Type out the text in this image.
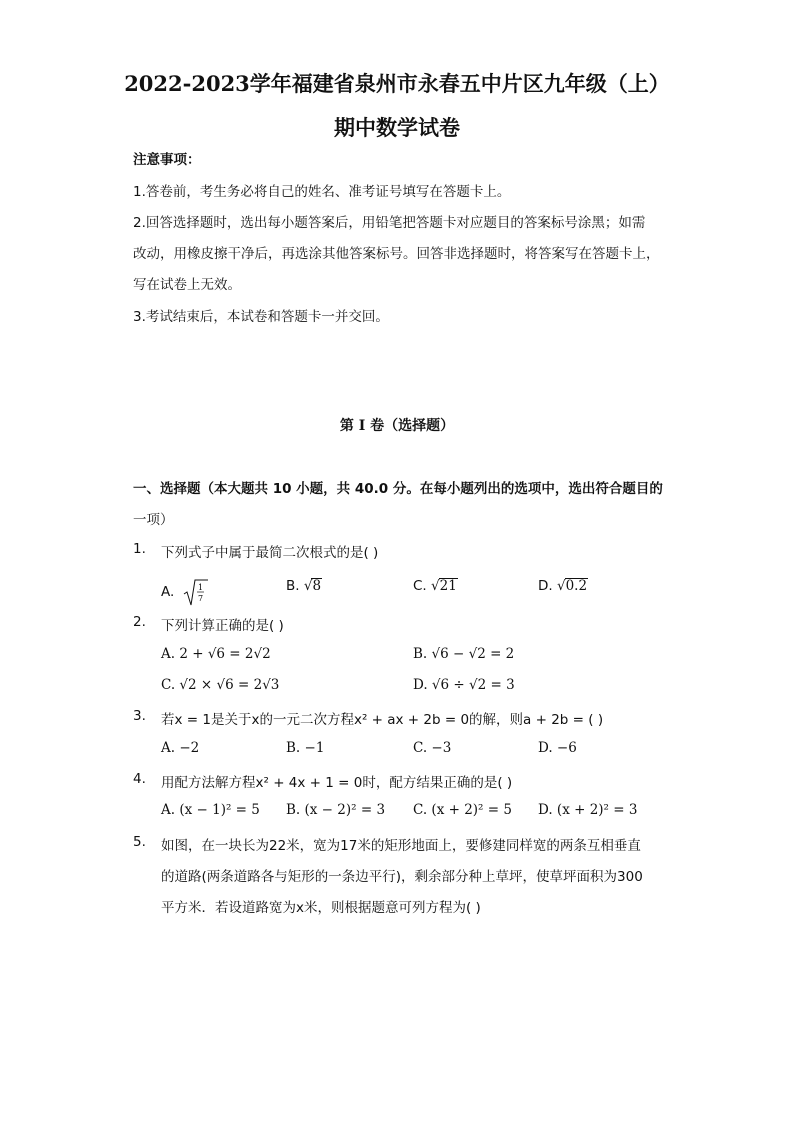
2022-2023学年福建省泉州市永春五中片区九年级（上）
期中数学试卷
注意事项：
1.答卷前，考生务必将自己的姓名、准考证号填写在答题卡上。
2.回答选择题时，选出每小题答案后，用铅笔把答题卡对应题目的答案标号涂黑；如需
改动，用橡皮擦干净后，再选涂其他答案标号。回答非选择题时，将答案写在答题卡上，
写在试卷上无效。
3.考试结束后，本试卷和答题卡一并交回。
第 I 卷（选择题）
一、选择题（本大题共 10 小题，共 40.0 分。在每小题列出的选项中，选出符合题目的
一项）
1. 下列式子中属于最简二次根式的是( )
A.	1
7
B. √8	C. √21	D. √0.2
2. 下列计算正确的是( )
A. 2 + √6 = 2√2	B. √6 − √2 = 2
C. √2 × √6 = 2√3	D. √6 ÷ √2 = 3
3. 若x = 1是关于x的一元二次方程x² + ax + 2b = 0的解，则a + 2b = ( )
A. −2	B. −1	C. −3	D. −6
4. 用配方法解方程x² + 4x + 1 = 0时，配方结果正确的是( )
A. (x − 1)² = 5 B. (x − 2)² = 3 C. (x + 2)² = 5 D. (x + 2)² = 3
5. 如图，在一块长为22米，宽为17米的矩形地面上，要修建同样宽的两条互相垂直
的道路(两条道路各与矩形的一条边平行)，剩余部分种上草坪，使草坪面积为300
平方米．若设道路宽为x米，则根据题意可列方程为( )
